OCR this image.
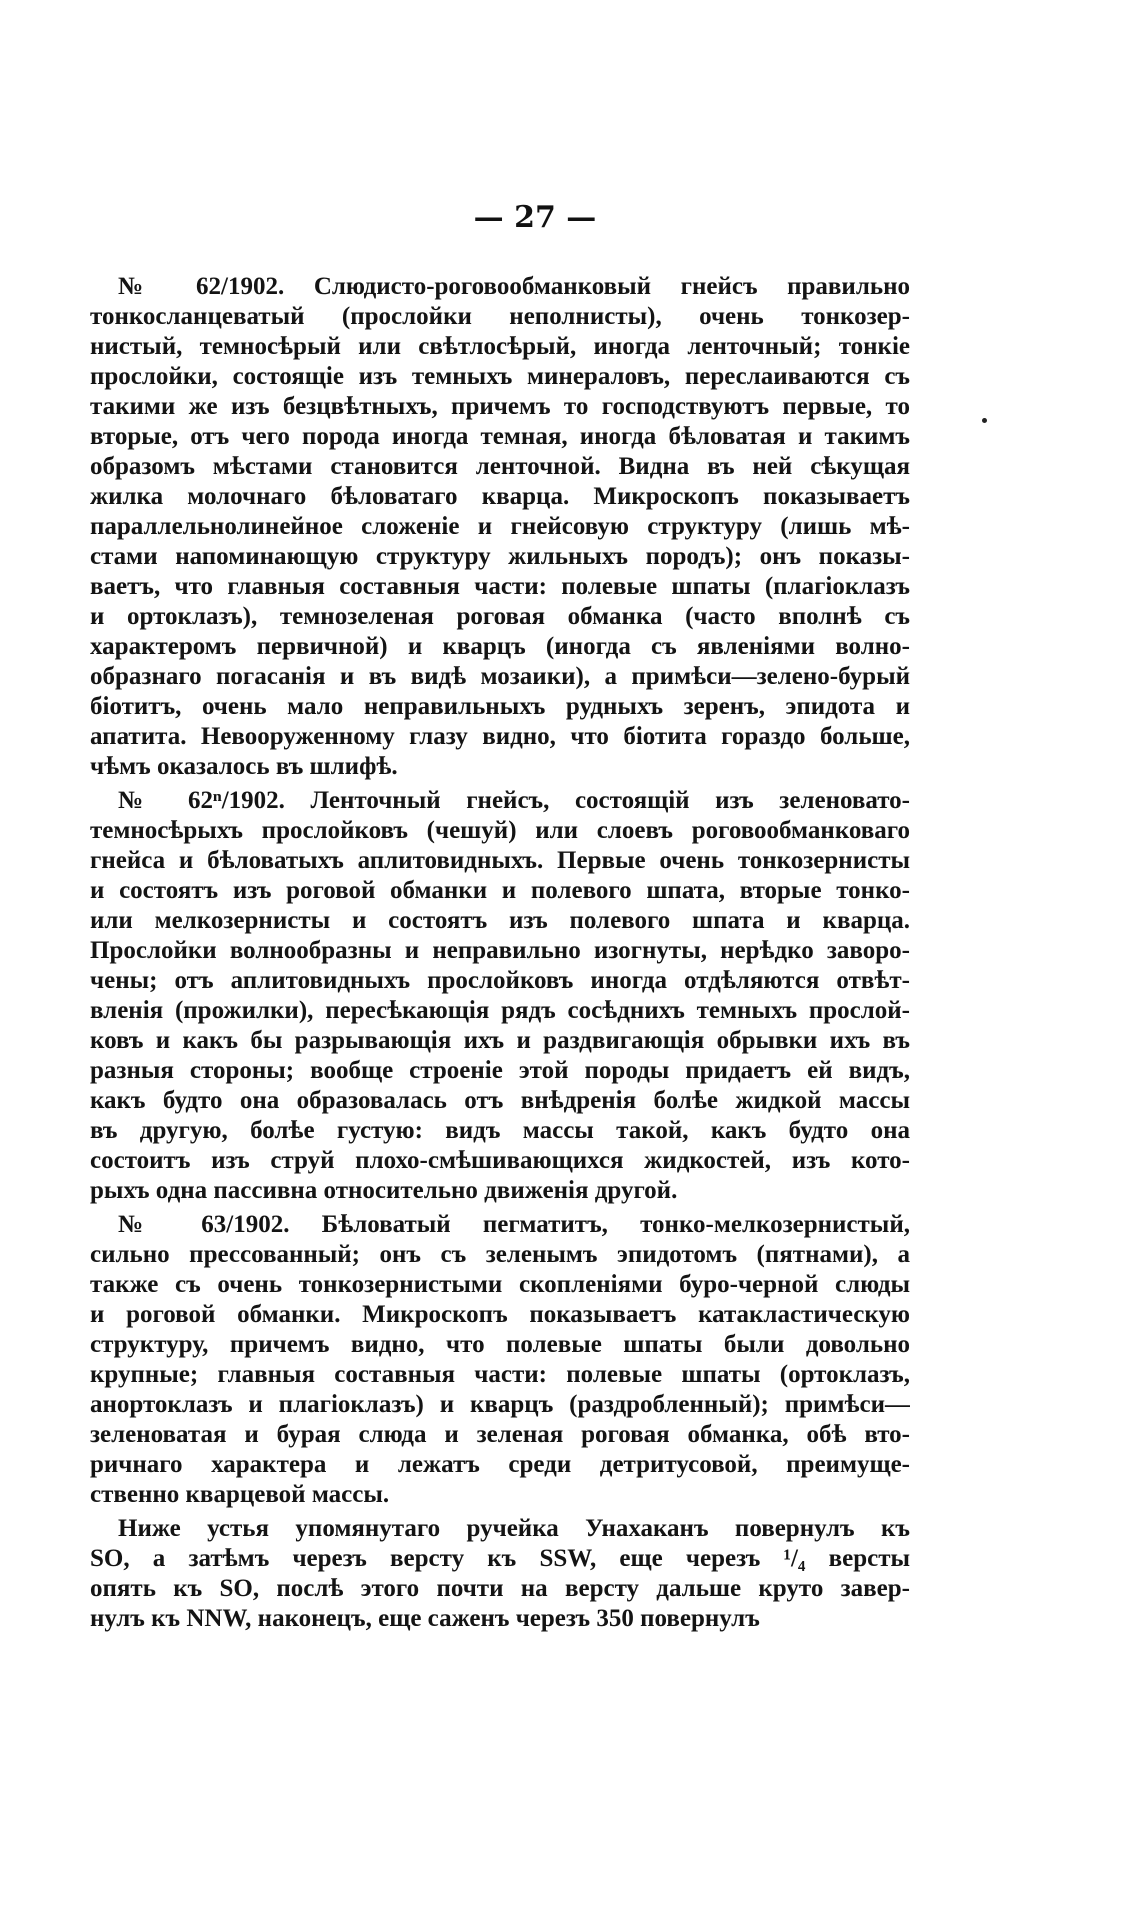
— 27 —
№ 62/1902. Слюдисто-роговообманковый гнейсъ правильно
тонкосланцеватый (прослойки неполнисты), очень тонкозер-
нистый, темносѣрый или свѣтлосѣрый, иногда ленточный; тонкіе
прослойки, состоящіе изъ темныхъ минераловъ, переслаиваются съ
такими же изъ безцвѣтныхъ, причемъ то господствуютъ первые, то
вторые, отъ чего порода иногда темная, иногда бѣловатая и такимъ
образомъ мѣстами становится ленточной. Видна въ ней сѣкущая
жилка молочнаго бѣловатаго кварца. Микроскопъ показываетъ
параллельнолинейное сложеніе и гнейсовую структуру (лишь мѣ-
стами напоминающую структуру жильныхъ породъ); онъ показы-
ваетъ, что главныя составныя части: полевые шпаты (плагіоклазъ
и ортоклазъ), темнозеленая роговая обманка (часто вполнѣ съ
характеромъ первичной) и кварцъ (иногда съ явленіями волно-
образнаго погасанія и въ видѣ мозаики), а примѣси—зелено-бурый
біотитъ, очень мало неправильныхъ рудныхъ зеренъ, эпидота и
апатита. Невооруженному глазу видно, что біотита гораздо больше,
чѣмъ оказалось въ шлифѣ.
№ 62ⁿ/1902. Ленточный гнейсъ, состоящій изъ зеленовато-
темносѣрыхъ прослойковъ (чешуй) или слоевъ роговообманковаго
гнейса и бѣловатыхъ аплитовидныхъ. Первые очень тонкозернисты
и состоятъ изъ роговой обманки и полевого шпата, вторые тонко-
или мелкозернисты и состоятъ изъ полевого шпата и кварца.
Прослойки волнообразны и неправильно изогнуты, нерѣдко заворо-
чены; отъ аплитовидныхъ прослойковъ иногда отдѣляются отвѣт-
вленія (прожилки), пересѣкающія рядъ сосѣднихъ темныхъ прослой-
ковъ и какъ бы разрывающія ихъ и раздвигающія обрывки ихъ въ
разныя стороны; вообще строеніе этой породы придаетъ ей видъ,
какъ будто она образовалась отъ внѣдренія болѣе жидкой массы
въ другую, болѣе густую: видъ массы такой, какъ будто она
состоитъ изъ струй плохо-смѣшивающихся жидкостей, изъ кото-
рыхъ одна пассивна относительно движенія другой.
№ 63/1902. Бѣловатый пегматитъ, тонко-мелкозернистый,
сильно прессованный; онъ съ зеленымъ эпидотомъ (пятнами), а
также съ очень тонкозернистыми скопленіями буро-черной слюды
и роговой обманки. Микроскопъ показываетъ катакластическую
структуру, причемъ видно, что полевые шпаты были довольно
крупные; главныя составныя части: полевые шпаты (ортоклазъ,
анортоклазъ и плагіоклазъ) и кварцъ (раздробленный); примѣси—
зеленоватая и бурая слюда и зеленая роговая обманка, обѣ вто-
ричнаго характера и лежатъ среди детритусовой, преимуще-
ственно кварцевой массы.
Ниже устья упомянутаго ручейка Унахаканъ повернулъ къ
SO, а затѣмъ черезъ версту къ SSW, еще черезъ ¹/₄ версты
опять къ SO, послѣ этого почти на версту дальше круто завер-
нулъ къ NNW, наконецъ, еще саженъ черезъ 350 повернулъ
